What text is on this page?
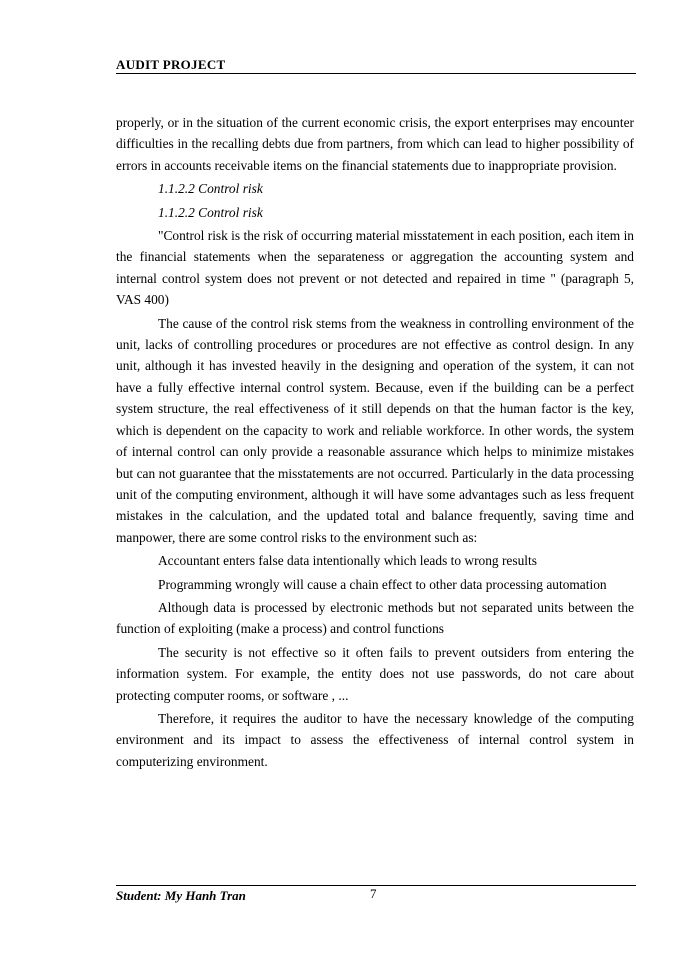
AUDIT PROJECT

properly, or in the situation of the current economic crisis, the export enterprises may encounter difficulties in the recalling debts due from partners, from which can lead to higher possibility of errors in accounts receivable items on the financial statements due to inappropriate provision.

1.1.2.2 Control risk

1.1.2.2 Control risk

"Control risk is the risk of occurring material misstatement in each position, each item in the financial statements when the separateness or aggregation the accounting system and internal control system does not prevent or not detected and repaired in time " (paragraph 5, VAS 400)

The cause of the control risk stems from the weakness in controlling environment of the unit, lacks of controlling procedures or procedures are not effective as control design. In any unit, although it has invested heavily in the designing and operation of the system, it can not have a fully effective internal control system. Because, even if the building can be a perfect system structure, the real effectiveness of it still depends on that the human factor is the key, which is dependent on the capacity to work and reliable workforce. In other words, the system of internal control can only provide a reasonable assurance which helps to minimize mistakes but can not guarantee that the misstatements are not occurred. Particularly in the data processing unit of the computing environment, although it will have some advantages such as less frequent mistakes in the calculation, and the updated total and balance frequently, saving time and manpower, there are some control risks to the environment such as:

Accountant enters false data intentionally which leads to wrong results

Programming wrongly will cause a chain effect to other data processing automation

Although data is processed by electronic methods but not separated units between the function of exploiting (make a process) and control functions

The security is not effective so it often fails to prevent outsiders from entering the information system. For example, the entity does not use passwords, do not care about protecting computer rooms, or software , ...

Therefore, it requires the auditor to have the necessary knowledge of the computing environment and its impact to assess the effectiveness of internal control system in computerizing environment.

Student: My Hanh Tran	7
